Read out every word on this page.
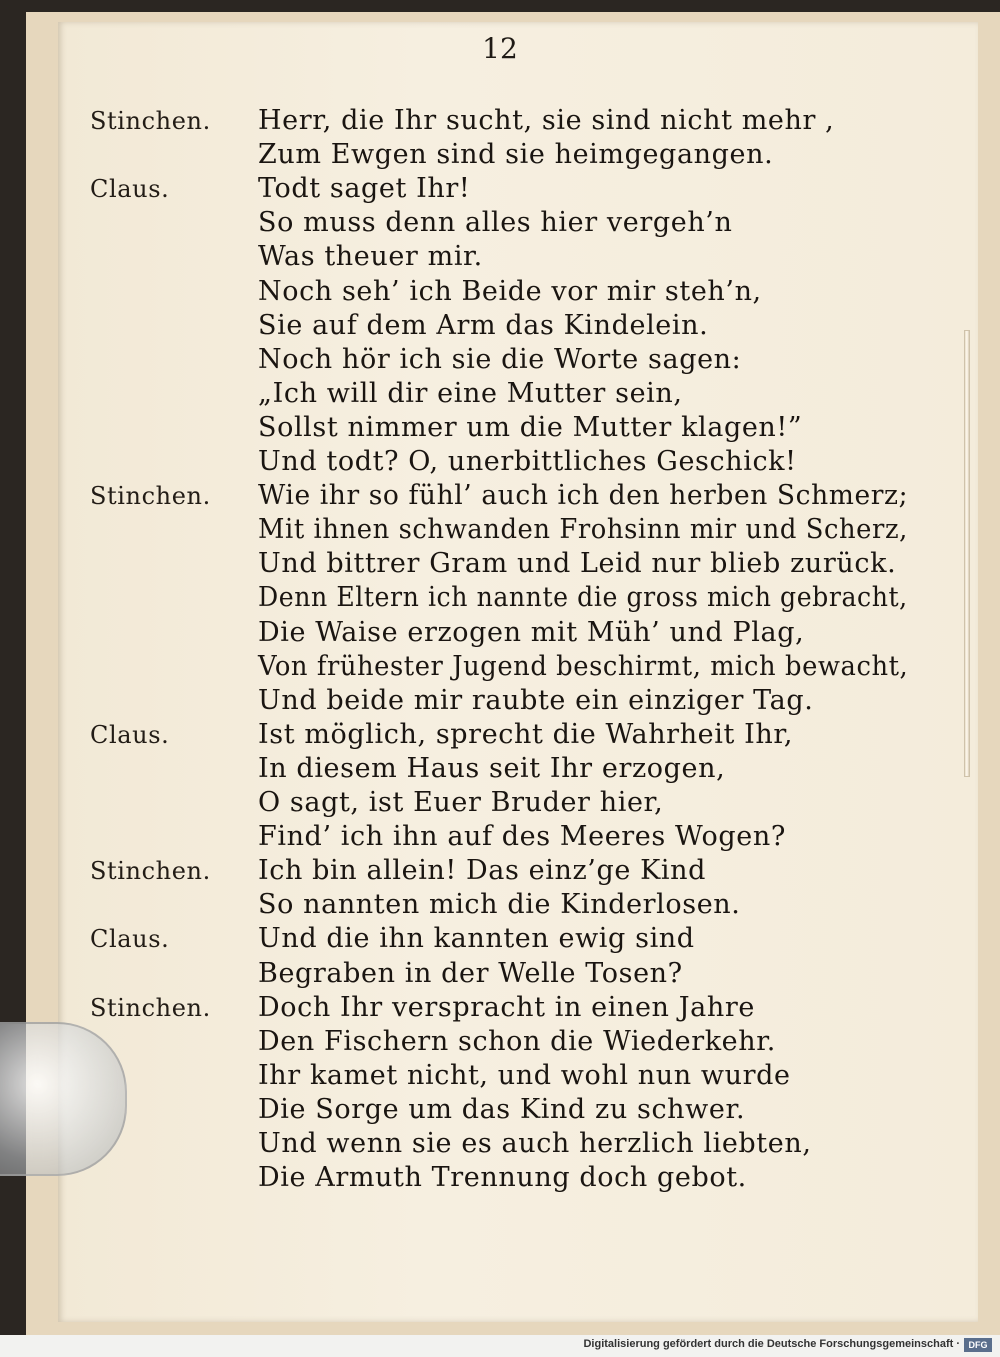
12
Stinchen. Herr, die Ihr sucht, sie sind nicht mehr ,
Zum Ewgen sind sie heimgegangen.
Claus.	Todt saget Ihr!
So muss denn alles hier vergeh’n
Was theuer mir.
Noch seh’ ich Beide vor mir steh’n,
Sie auf dem Arm das Kindelein.
Noch hör ich sie die Worte sagen:
„Ich will dir eine Mutter sein,
Sollst nimmer um die Mutter klagen!”
Und todt? O, unerbittliches Geschick!
Stinchen. Wie ihr so fühl’ auch ich den herben Schmerz;
Mit ihnen schwanden Frohsinn mir und Scherz,
Und bittrer Gram und Leid nur blieb zurück.
Denn Eltern ich nannte die gross mich gebracht,
Die Waise erzogen mit Müh’ und Plag,
Von frühester Jugend beschirmt, mich bewacht,
Und beide mir raubte ein einziger Tag.
Claus.	Ist möglich, sprecht die Wahrheit Ihr,
In diesem Haus seit Ihr erzogen,
O sagt, ist Euer Bruder hier,
Find’ ich ihn auf des Meeres Wogen?
Stinchen. Ich bin allein! Das einz’ge Kind
So nannten mich die Kinderlosen.
Claus.	Und die ihn kannten ewig sind
Begraben in der Welle Tosen?
Stinchen. Doch Ihr verspracht in einen Jahre
Den Fischern schon die Wiederkehr.
Ihr kamet nicht, und wohl nun wurde
Die Sorge um das Kind zu schwer.
Und wenn sie es auch herzlich liebten,
Die Armuth Trennung doch gebot.
Digitalisierung gefördert durch die Deutsche Forschungsgemeinschaft · DFG
